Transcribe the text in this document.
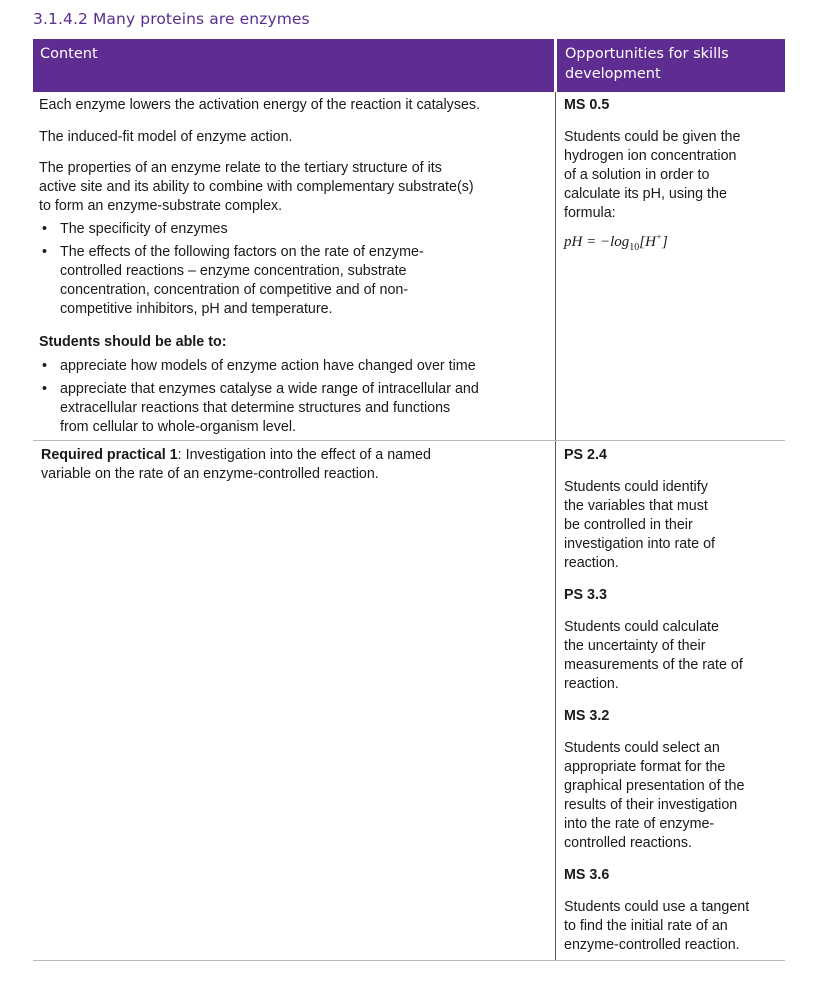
3.1.4.2 Many proteins are enzymes
Content	Opportunities for skills
development

Each enzyme lowers the activation energy of the reaction it catalyses.

The induced-fit model of enzyme action.

The properties of an enzyme relate to the tertiary structure of its
active site and its ability to combine with complementary substrate(s)
to form an enzyme-substrate complex.
• The specificity of enzymes
• The effects of the following factors on the rate of enzyme-
controlled reactions – enzyme concentration, substrate
concentration, concentration of competitive and of non-
competitive inhibitors, pH and temperature.

Students should be able to:

• appreciate how models of enzyme action have changed over time
• appreciate that enzymes catalyse a wide range of intracellular and
extracellular reactions that determine structures and functions
from cellular to whole-organism level.

MS 0.5

Students could be given the
hydrogen ion concentration
of a solution in order to
calculate its pH, using the
formula:
pH = $-\log_{10}[H^+]$
Required practical 1: Investigation into the effect of a named
variable on the rate of an enzyme-controlled reaction.

PS 2.4

Students could identify
the variables that must
be controlled in their
investigation into rate of
reaction.

PS 3.3

Students could calculate
the uncertainty of their
measurements of the rate of
reaction.

MS 3.2

Students could select an
appropriate format for the
graphical presentation of the
results of their investigation
into the rate of enzyme-
controlled reactions.

MS 3.6

Students could use a tangent
to find the initial rate of an
enzyme-controlled reaction.
